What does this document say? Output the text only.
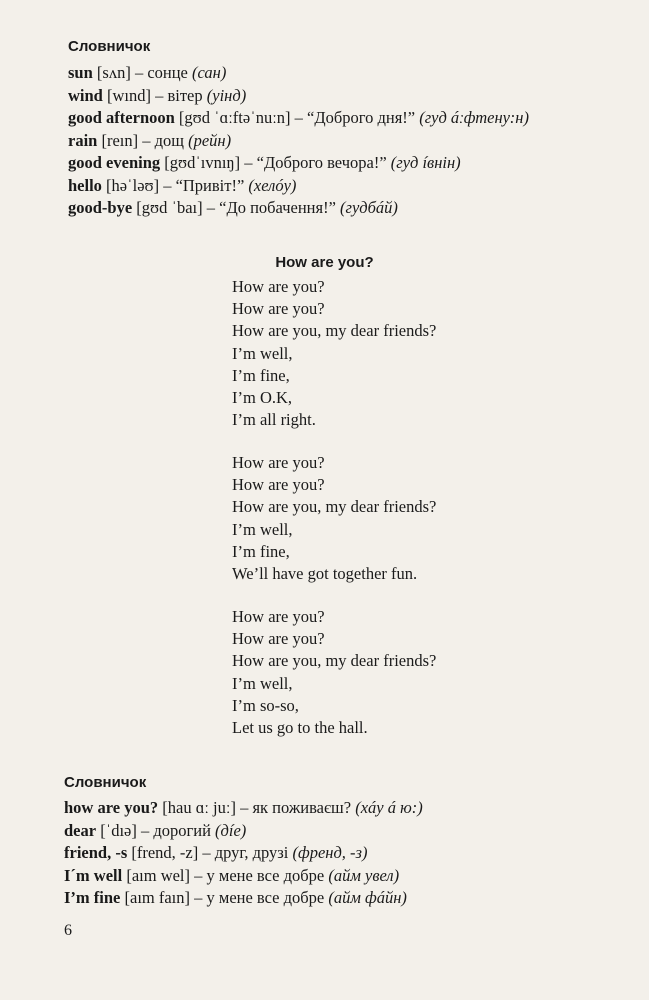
Словничок
sun [sʌn] – сонце (сан)
wind [wınd] – вітер (уінд)
good afternoon [gʊd ˈɑːftəˈnuːn] – “Доброго дня!” (гуд áːфтену:н)
rain [reın] – дощ (рейн)
good evening [gʊdˈıvnıŋ] – “Доброго вечора!” (гуд íвнін)
hello [həˈləʊ] – “Привіт!” (хелóу)
good-bye [gʊd ˈbaı] – “До побачення!” (гудбáй)
How are you?
How are you?
How are you?
How are you, my dear friends?
I’m well,
I’m fine,
I’m O.K,
I’m all right.
How are you?
How are you?
How are you, my dear friends?
I’m well,
I’m fine,
We’ll have got together fun.
How are you?
How are you?
How are you, my dear friends?
I’m well,
I’m so-so,
Let us go to the hall.
Словничок
how are you? [hau ɑː juː] – як поживаєш? (хáу á ю:)
dear [ˈdıə] – дорогий (дíе)
friend, -s [frend, -z] – друг, друзі (френд, -з)
Iˊm well [aım wel] – у мене все добре (айм увел)
I’m fine [aım faın] – у мене все добре (айм фáйн)
6
